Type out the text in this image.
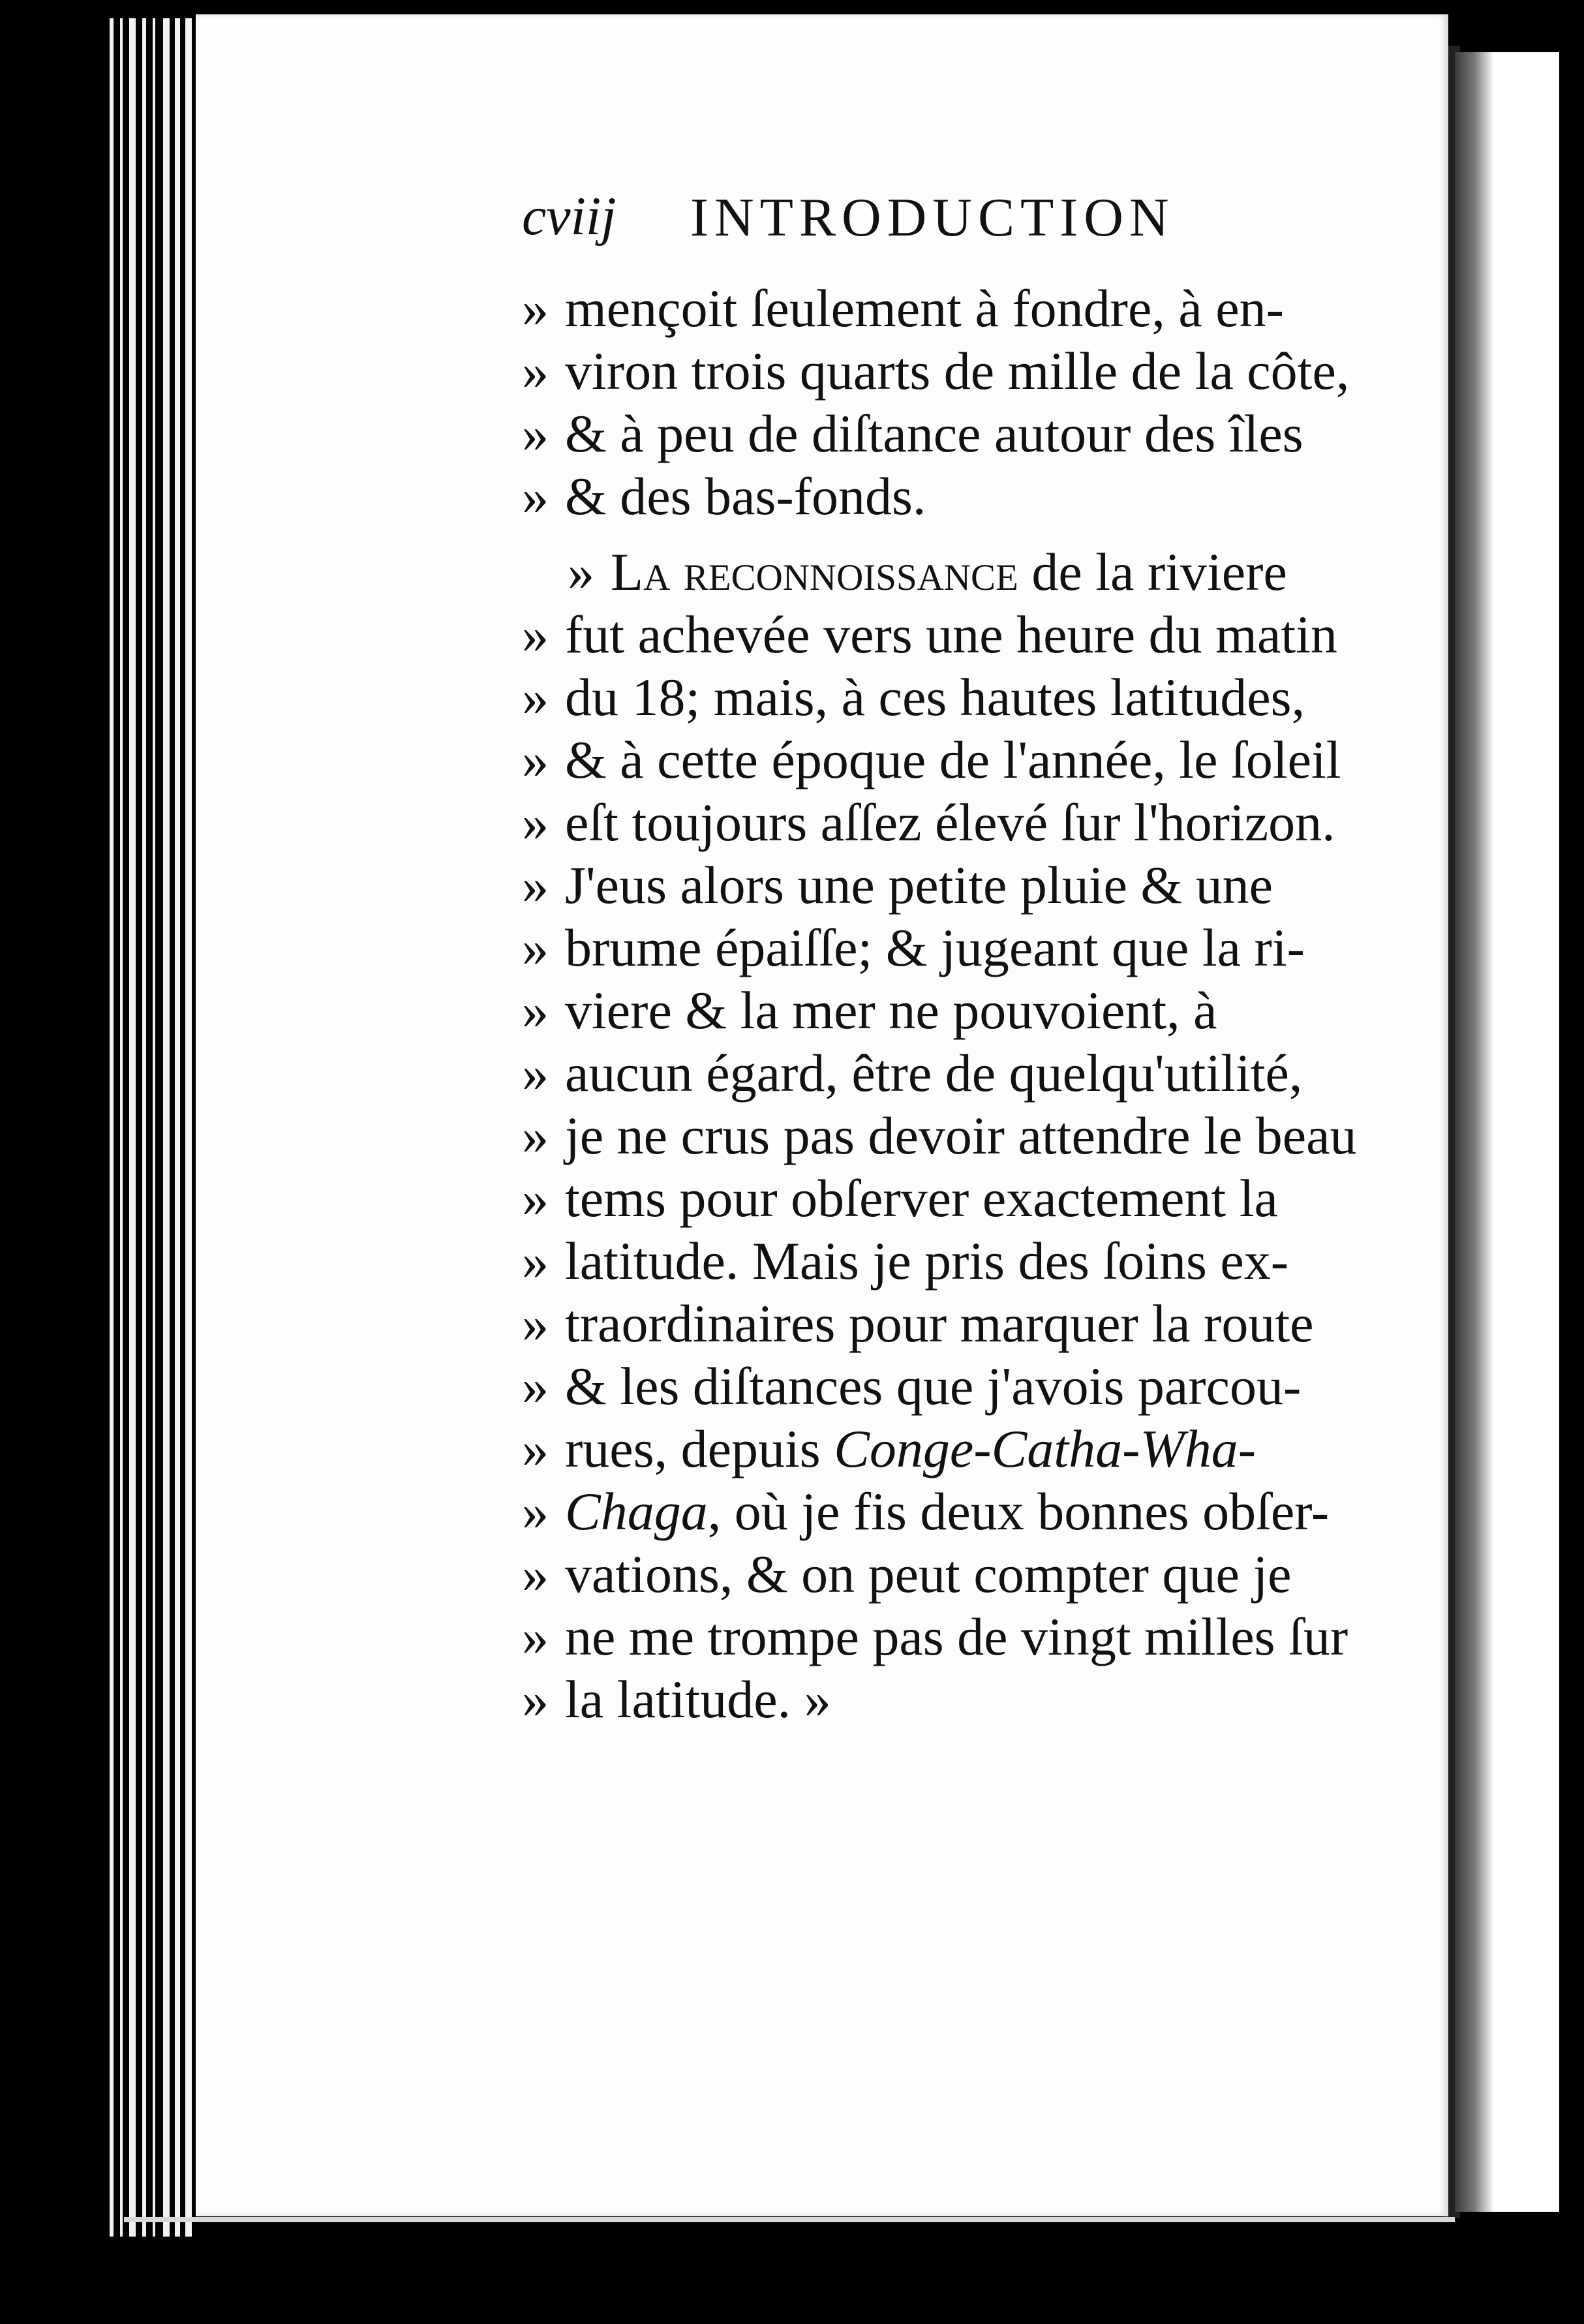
cviij INTRODUCTION
» mençoit ſeulement à fondre, à en-
» viron trois quarts de mille de la côte,
» & à peu de diſtance autour des îles
» & des bas-fonds.
» La reconnoissance de la riviere
» fut achevée vers une heure du matin
» du 18; mais, à ces hautes latitudes,
» & à cette époque de l'année, le ſoleil
» eſt toujours aſſez élevé ſur l'horizon.
» J'eus alors une petite pluie & une
» brume épaiſſe; & jugeant que la ri-
» viere & la mer ne pouvoient, à
» aucun égard, être de quelqu'utilité,
» je ne crus pas devoir attendre le beau
» tems pour obſerver exactement la
» latitude. Mais je pris des ſoins ex-
» traordinaires pour marquer la route
» & les diſtances que j'avois parcou-
» rues, depuis Conge-Catha-Wha-
» Chaga, où je fis deux bonnes obſer-
» vations, & on peut compter que je
» ne me trompe pas de vingt milles ſur
» la latitude. »
